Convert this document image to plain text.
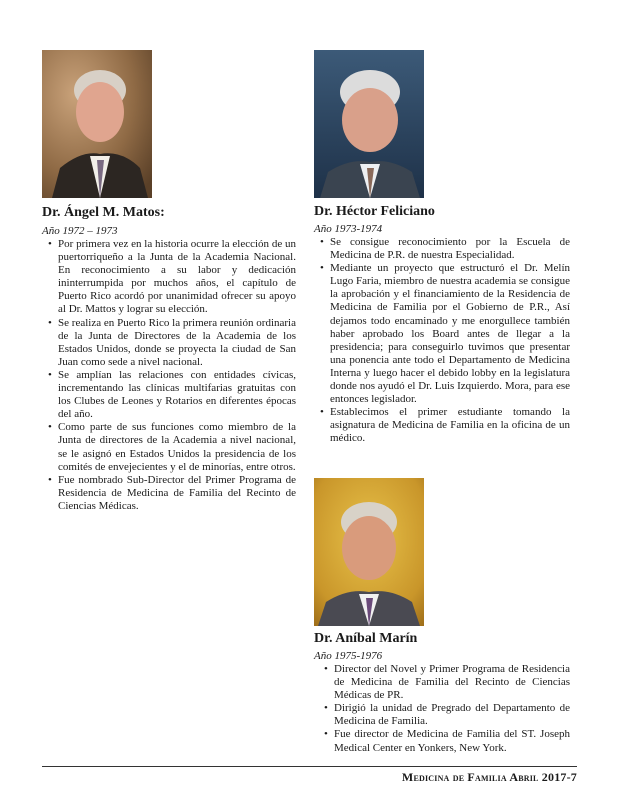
Dr. Ángel M. Matos:

Año 1972 – 1973

• Por primera vez en la historia ocurre la elección de un puertorriqueño a la Junta de la Academia Nacional. En reconocimiento a su labor y dedicación ininterrumpida por muchos años, el capítulo de Puerto Rico acordó por unanimidad ofrecer su apoyo al Dr. Mattos y lograr su elección.
• Se realiza en Puerto Rico la primera reunión ordinaria de la Junta de Directores de la Academia de los Estados Unidos, donde se proyecta la ciudad de San Juan como sede a nivel nacional.
• Se amplían las relaciones con entidades cívicas, incrementando las clínicas multifarias gratuitas con los Clubes de Leones y Rotarios en diferentes épocas del año.
• Como parte de sus funciones como miembro de la Junta de directores de la Academia a nivel nacional, se le asignó en Estados Unidos la presidencia de los comités de envejecientes y el de minorías, entre otros.
• Fue nombrado Sub-Director del Primer Programa de Residencia de Medicina de Familia del Recinto de Ciencias Médicas.
Dr. Héctor Feliciano

Año 1973-1974

• Se consigue reconocimiento por la Escuela de Medicina de P.R. de nuestra Especialidad.
• Mediante un proyecto que estructuró el Dr. Melín Lugo Faria, miembro de nuestra academia se consigue la aprobación y el financiamiento de la Residencia de Medicina de Familia por el Gobierno de P.R., Así dejamos todo encaminado y me enorgullece también haber aprobado los Board antes de llegar a la presidencia; para conseguirlo tuvimos que presentar una ponencia ante todo el Departamento de Medicina Interna y luego hacer el debido lobby en la legislatura donde nos ayudó el Dr. Luis Izquierdo. Mora, para ese entonces legislador.
• Establecimos el primer estudiante tomando la asignatura de Medicina de Familia en la oficina de un médico.
Dr. Aníbal Marín

Año 1975-1976

• Director del Novel y Primer Programa de Residencia de Medicina de Familia del Recinto de Ciencias Médicas de PR.
• Dirigió la unidad de Pregrado del Departamento de Medicina de Familia.
• Fue director de Medicina de Familia del ST. Joseph Medical Center en Yonkers, New York.
Medicina de Familia Abril 2017-7
